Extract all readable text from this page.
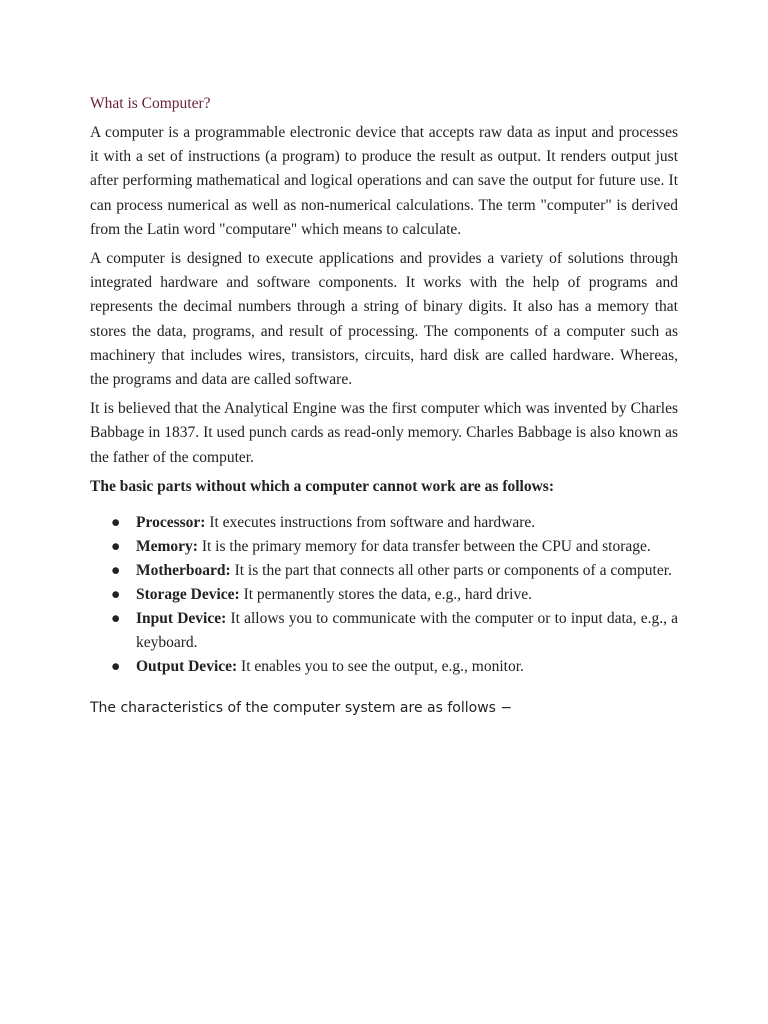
What is Computer?

A computer is a programmable electronic device that accepts raw data as input and processes it with a set of instructions (a program) to produce the result as output. It renders output just after performing mathematical and logical operations and can save the output for future use. It can process numerical as well as non-numerical calculations. The term "computer" is derived from the Latin word "computare" which means to calculate.

A computer is designed to execute applications and provides a variety of solutions through integrated hardware and software components. It works with the help of programs and represents the decimal numbers through a string of binary digits. It also has a memory that stores the data, programs, and result of processing. The components of a computer such as machinery that includes wires, transistors, circuits, hard disk are called hardware. Whereas, the programs and data are called software.

It is believed that the Analytical Engine was the first computer which was invented by Charles Babbage in 1837. It used punch cards as read-only memory. Charles Babbage is also known as the father of the computer.

The basic parts without which a computer cannot work are as follows:
● Processor: It executes instructions from software and hardware.
● Memory: It is the primary memory for data transfer between the CPU and storage.
● Motherboard: It is the part that connects all other parts or components of a computer.
● Storage Device: It permanently stores the data, e.g., hard drive.
● Input Device: It allows you to communicate with the computer or to input data, e.g., a keyboard.
● Output Device: It enables you to see the output, e.g., monitor.
The characteristics of the computer system are as follows −
